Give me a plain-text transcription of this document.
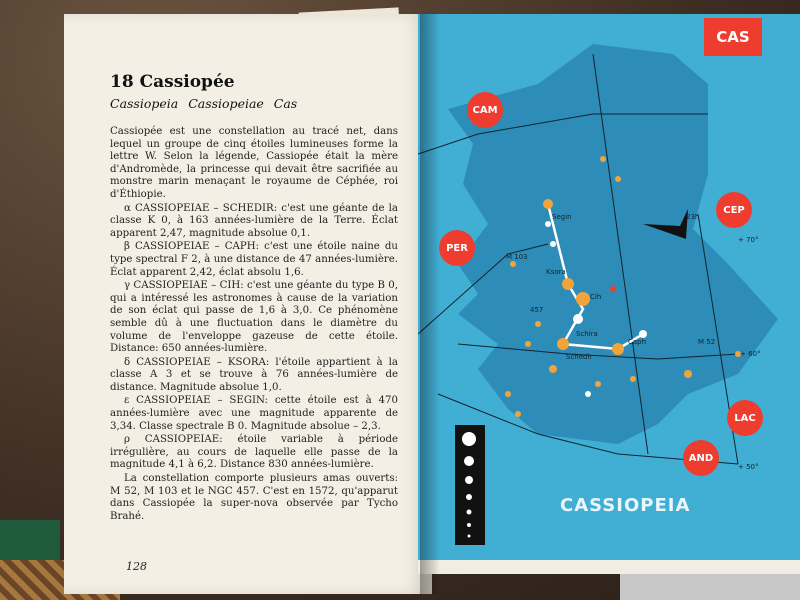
Segin
Ksora
Cih
Schira
Caph
Schedir
M 103
M 52
457
23h
+ 70°
+ 60°
+ 50°
CAS
CAM
CEP
PER
LAC
AND
CASSIOPEIA
18 Cassiopée
Cassiopeia Cassiopeiae Cas

Cassiopée est une constellation au tracé net, dans lequel un groupe de cinq étoiles lumineuses forme la lettre W. Selon la légende, Cassiopée était la mère d'Andromède, la princesse qui devait être sacrifiée au monstre marin menaçant le royaume de Céphée, roi d'Éthiopie.

α CASSIOPEIAE – SCHEDIR: c'est une géante de la classe K 0, à 163 années-lumière de la Terre. Éclat apparent 2,47, magnitude absolue 0,1.

β CASSIOPEIAE – CAPH: c'est une étoile naine du type spectral F 2, à une distance de 47 années-lumière. Éclat apparent 2,42, éclat absolu 1,6.

γ CASSIOPEIAE – CIH: c'est une géante du type B 0, qui a intéressé les astronomes à cause de la variation de son éclat qui passe de 1,6 à 3,0. Ce phénomène semble dû à une fluctuation dans le diamètre du volume de l'enveloppe gazeuse de cette étoile. Distance: 650 années-lumière.

δ CASSIOPEIAE – KSORA: l'étoile appartient à la classe A 3 et se trouve à 76 années-lumière de distance. Magnitude absolue 1,0.

ε CASSIOPEIAE – SEGIN: cette étoile est à 470 années-lumière avec une magnitude apparente de 3,34. Classe spectrale B 0. Magnitude absolue – 2,3.

ρ CASSIOPEIAE: étoile variable à période irrégulière, au cours de laquelle elle passe de la magnitude 4,1 à 6,2. Distance 830 années-lumière.

La constellation comporte plusieurs amas ouverts: M 52, M 103 et le NGC 457. C'est en 1572, qu'apparut dans Cassiopée la super-nova observée par Tycho Brahé.

128
